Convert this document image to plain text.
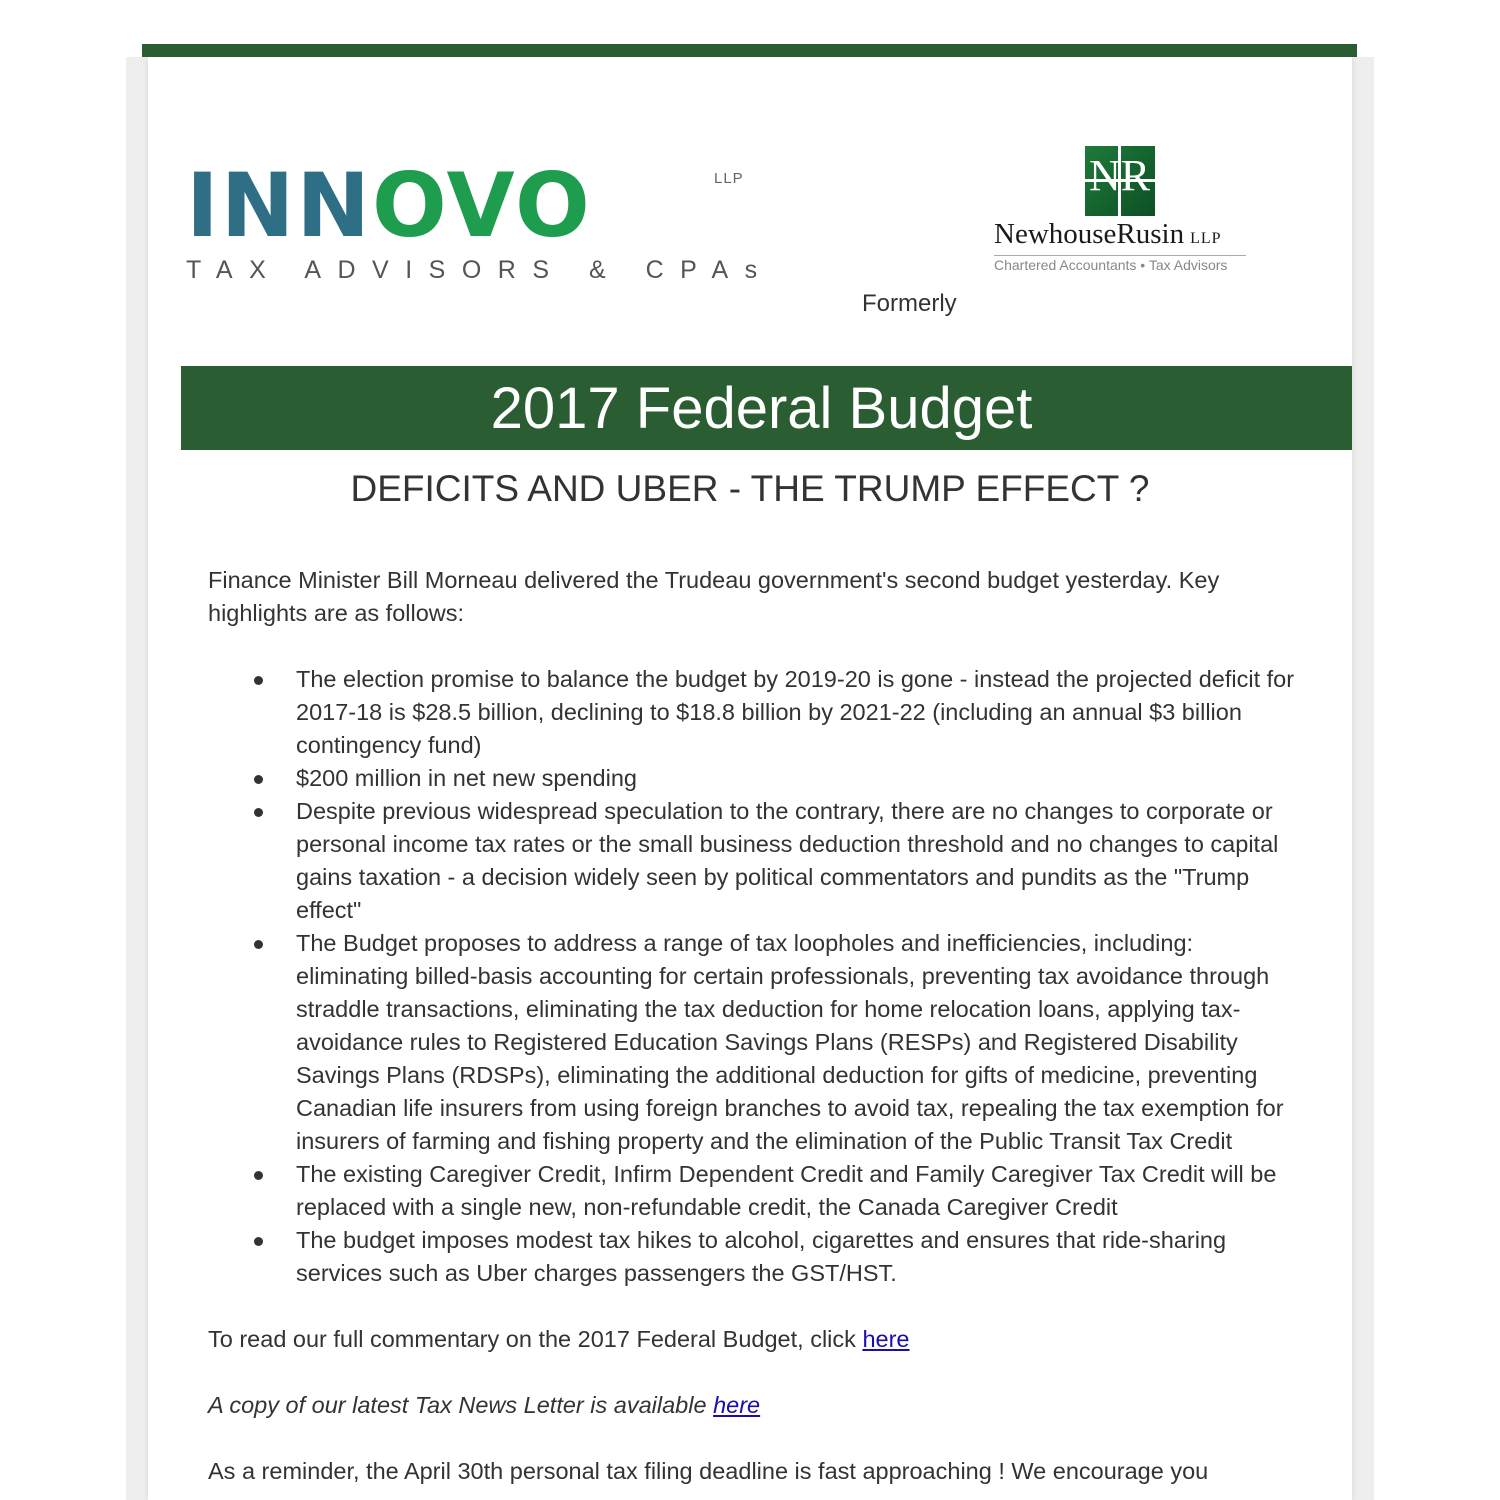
INNOVO	LLP
TAX ADVISORS & CPAs
NR
NewhouseRusin LLP
Chartered Accountants • Tax Advisors
Formerly
2017 Federal Budget
DEFICITS AND UBER - THE TRUMP EFFECT ?

Finance Minister Bill Morneau delivered the Trudeau government's second budget yesterday. Key highlights are as follows:

The election promise to balance the budget by 2019-20 is gone - instead the projected deficit for 2017-18 is $28.5 billion, declining to $18.8 billion by 2021-22 (including an annual $3 billion contingency fund)
$200 million in net new spending
Despite previous widespread speculation to the contrary, there are no changes to corporate or personal income tax rates or the small business deduction threshold and no changes to capital gains taxation - a decision widely seen by political commentators and pundits as the "Trump effect"
The Budget proposes to address a range of tax loopholes and inefficiencies, including: eliminating billed-basis accounting for certain professionals, preventing tax avoidance through straddle transactions, eliminating the tax deduction for home relocation loans, applying tax-avoidance rules to Registered Education Savings Plans (RESPs) and Registered Disability Savings Plans (RDSPs), eliminating the additional deduction for gifts of medicine, preventing Canadian life insurers from using foreign branches to avoid tax, repealing the tax exemption for insurers of farming and fishing property and the elimination of the Public Transit Tax Credit
The existing Caregiver Credit, Infirm Dependent Credit and Family Caregiver Tax Credit will be replaced with a single new, non-refundable credit, the Canada Caregiver Credit
The budget imposes modest tax hikes to alcohol, cigarettes and ensures that ride-sharing services such as Uber charges passengers the GST/HST.

To read our full commentary on the 2017 Federal Budget, click here

A copy of our latest Tax News Letter is available here

As a reminder, the April 30th personal tax filing deadline is fast approaching ! We encourage you
